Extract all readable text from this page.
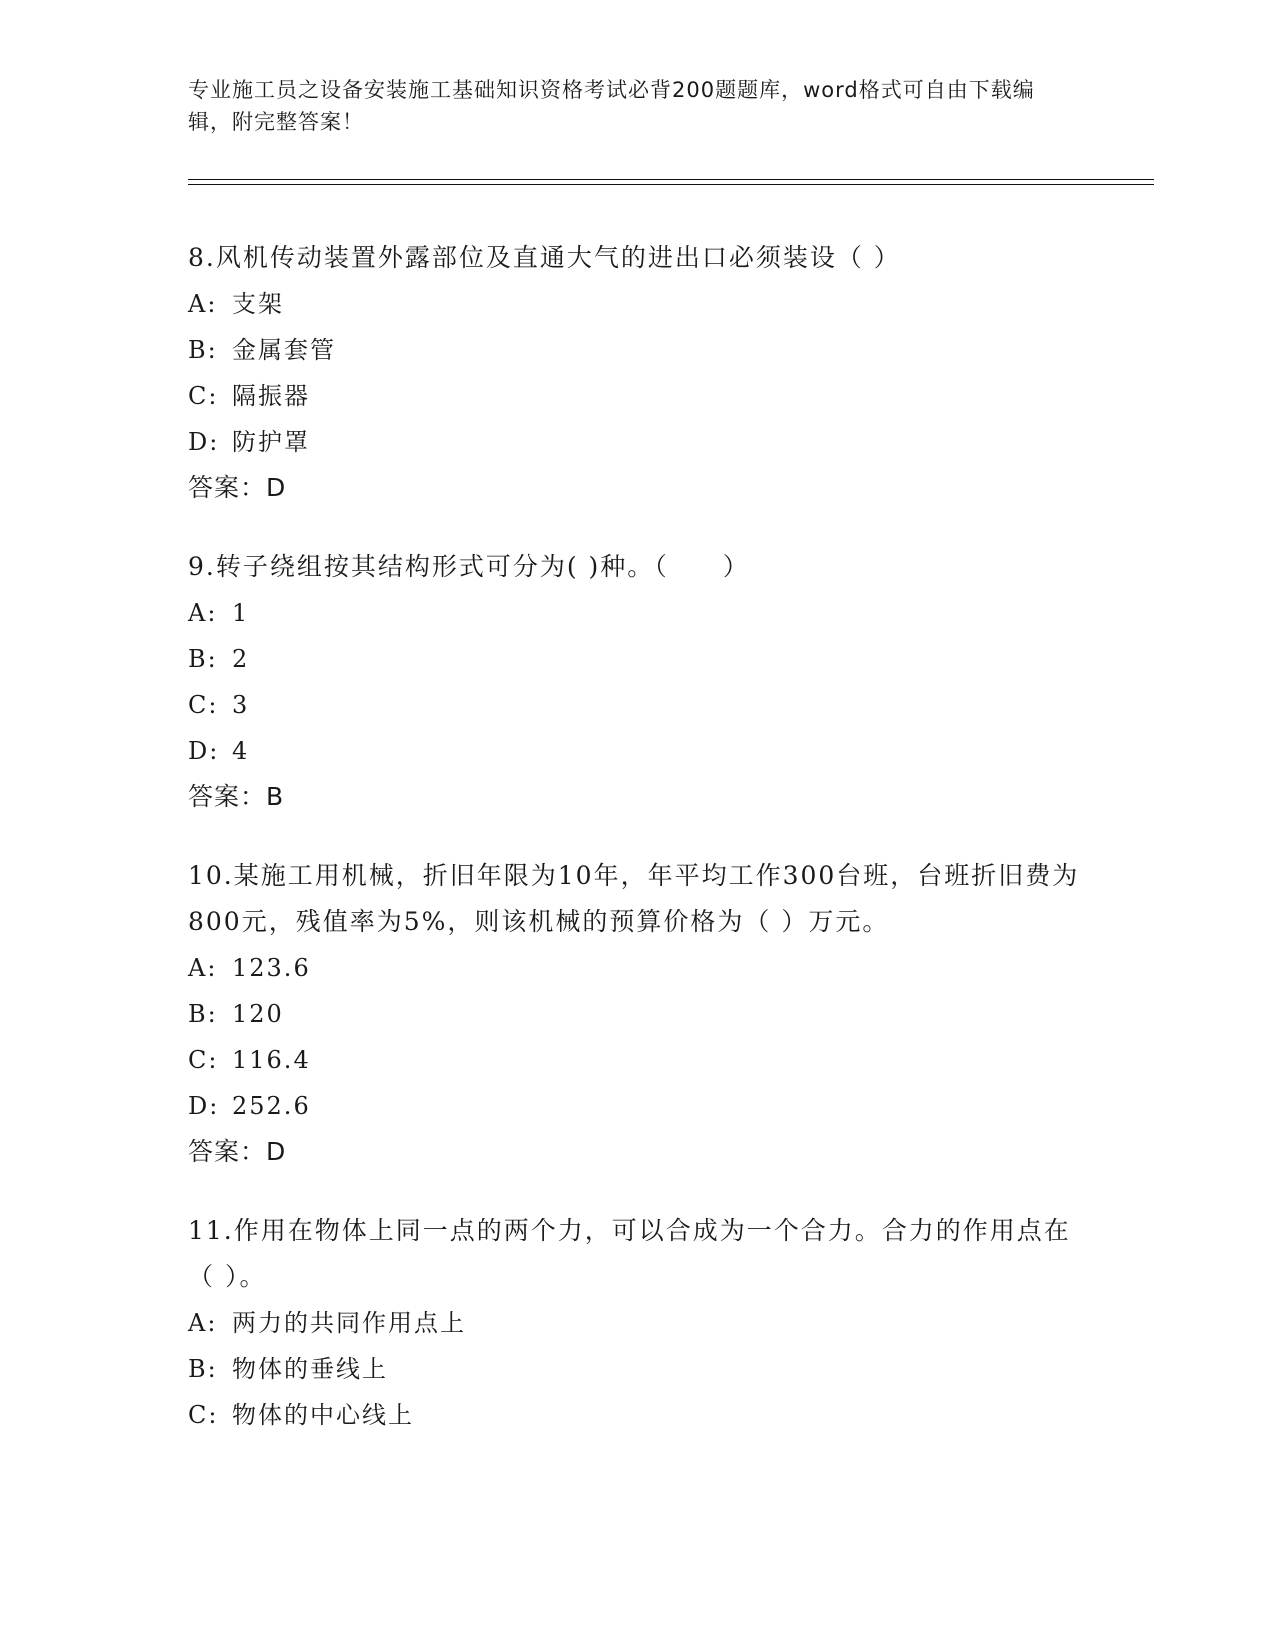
专业施工员之设备安装施工基础知识资格考试必背200题题库，word格式可自由下载编辑，附完整答案！

8.风机传动装置外露部位及直通大气的进出口必须装设（ ）

A: 支架
B: 金属套管
C: 隔振器
D: 防护罩
答案：D

9.转子绕组按其结构形式可分为( )种。（　　）

A: 1
B: 2
C: 3
D: 4
答案：B

10.某施工用机械，折旧年限为10年，年平均工作300台班，台班折旧费为800元，残值率为5%，则该机械的预算价格为（ ）万元。

A: 123.6
B: 120
C: 116.4
D: 252.6
答案：D

11.作用在物体上同一点的两个力，可以合成为一个合力。合力的作用点在（ ）。

A: 两力的共同作用点上
B: 物体的垂线上
C: 物体的中心线上
